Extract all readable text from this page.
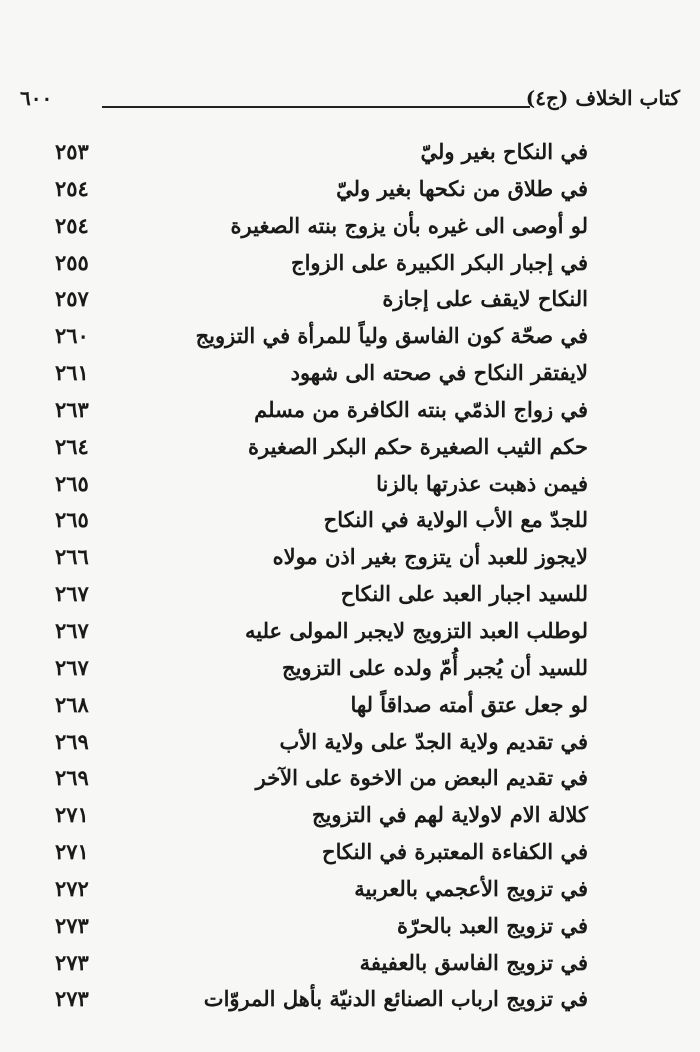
كتاب الخلاف (ج٤)
٦٠٠
في النكاح بغير وليّ
٢٥٣
في طلاق من نكحها بغير وليّ
٢٥٤
لو أوصى الى غيره بأن يزوج بنته الصغيرة
٢٥٤
في إجبار البكر الكبيرة على الزواج
٢٥٥
النكاح لايقف على إجازة
٢٥٧
في صحّة كون الفاسق ولياً للمرأة في التزويج
٢٦٠
لايفتقر النكاح في صحته الى شهود
٢٦١
في زواج الذمّي بنته الكافرة من مسلم
٢٦٣
حكم الثيب الصغيرة حكم البكر الصغيرة
٢٦٤
فيمن ذهبت عذرتها بالزنا
٢٦٥
للجدّ مع الأب الولاية في النكاح
٢٦٥
لايجوز للعبد أن يتزوج بغير اذن مولاه
٢٦٦
للسيد اجبار العبد على النكاح
٢٦٧
لوطلب العبد التزويج لايجبر المولى عليه
٢٦٧
للسيد أن يُجبر أُمّ ولده على التزويج
٢٦٧
لو جعل عتق أمته صداقاً لها
٢٦٨
في تقديم ولاية الجدّ على ولاية الأب
٢٦٩
في تقديم البعض من الاخوة على الآخر
٢٦٩
كلالة الام لاولاية لهم في التزويج
٢٧١
في الكفاءة المعتبرة في النكاح
٢٧١
في تزويج الأعجمي بالعربية
٢٧٢
في تزويج العبد بالحرّة
٢٧٣
في تزويج الفاسق بالعفيفة
٢٧٣
في تزويج ارباب الصنائع الدنيّة بأهل المروّات
٢٧٣
